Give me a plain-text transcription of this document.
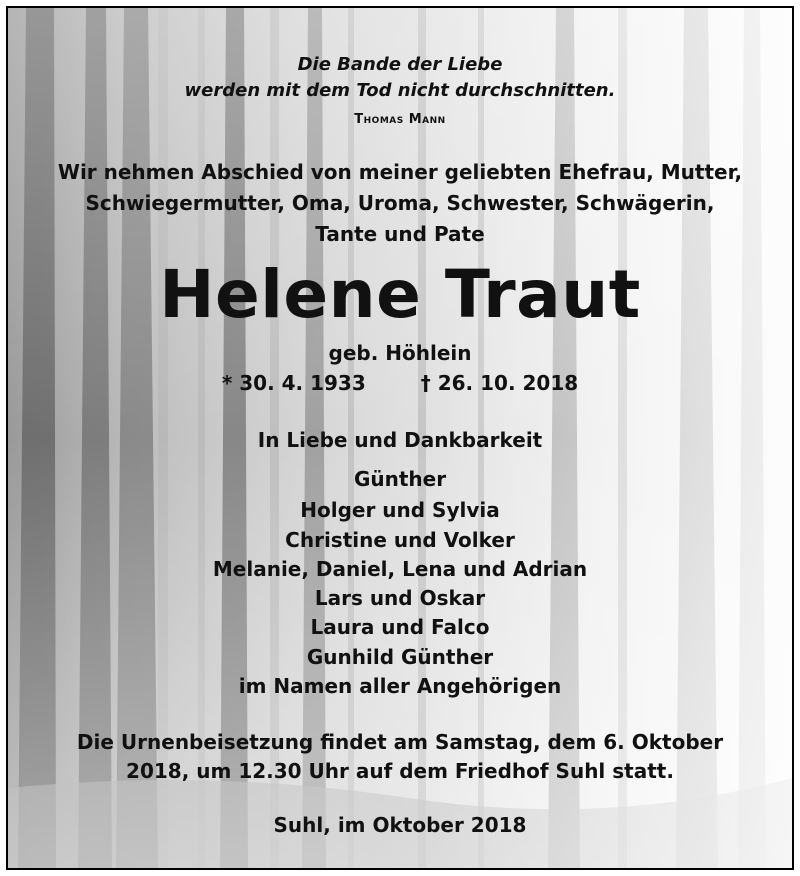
Die Bande der Liebe
werden mit dem Tod nicht durchschnitten.
Thomas Mann
Wir nehmen Abschied von meiner geliebten Ehefrau, Mutter,
Schwiegermutter, Oma, Uroma, Schwester, Schwägerin,
Tante und Pate
Helene Traut
geb. Höhlein
* 30. 4. 1933	† 26. 10. 2018
In Liebe und Dankbarkeit
Günther
Holger und Sylvia
Christine und Volker
Melanie, Daniel, Lena und Adrian
Lars und Oskar
Laura und Falco
Gunhild Günther
im Namen aller Angehörigen
Die Urnenbeisetzung findet am Samstag, dem 6. Oktober
2018, um 12.30 Uhr auf dem Friedhof Suhl statt.
Suhl, im Oktober 2018
